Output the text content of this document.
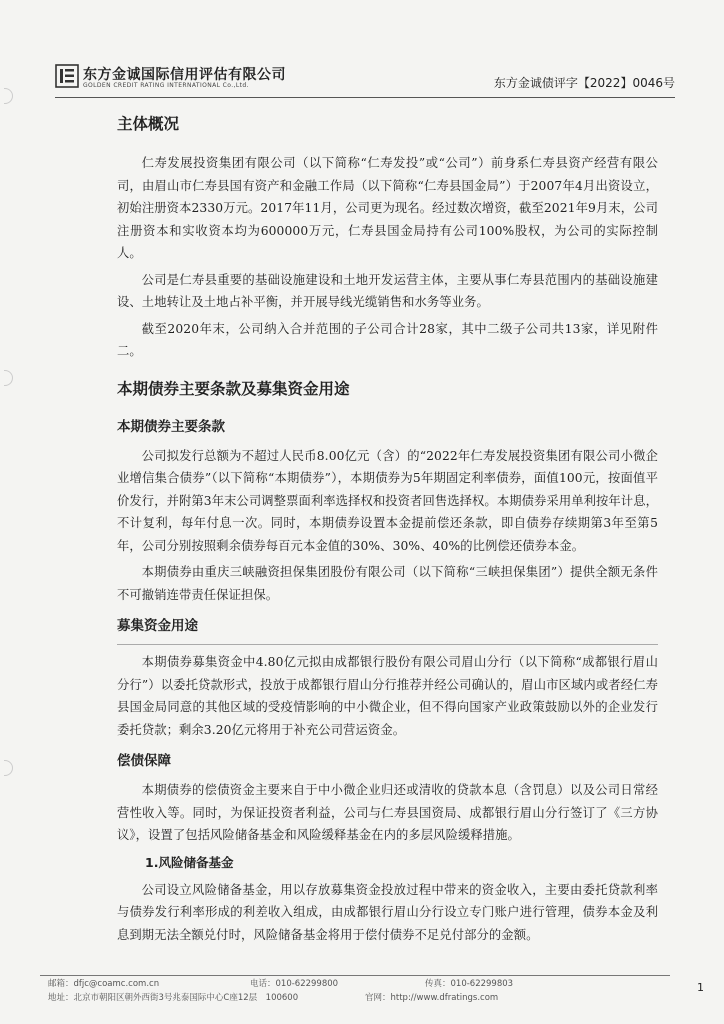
东方金诚国际信用评估有限公司
GOLDEN CREDIT RATING INTERNATIONAL Co.,Ltd.	东方金诚债评字【2022】0046号
主体概况

仁寿发展投资集团有限公司（以下简称“仁寿发投”或“公司”）前身系仁寿县资产经营有限公司，由眉山市仁寿县国有资产和金融工作局（以下简称“仁寿县国金局”）于2007年4月出资设立，初始注册资本2330万元。2017年11月，公司更为现名。经过数次增资，截至2021年9月末，公司注册资本和实收资本均为600000万元，仁寿县国金局持有公司100%股权，为公司的实际控制人。

公司是仁寿县重要的基础设施建设和土地开发运营主体，主要从事仁寿县范围内的基础设施建设、土地转让及土地占补平衡，并开展导线光缆销售和水务等业务。

截至2020年末，公司纳入合并范围的子公司合计28家，其中二级子公司共13家，详见附件二。

本期债券主要条款及募集资金用途
本期债券主要条款

公司拟发行总额为不超过人民币8.00亿元（含）的“2022年仁寿发展投资集团有限公司小微企业增信集合债券”（以下简称“本期债券”），本期债券为5年期固定利率债券，面值100元，按面值平价发行，并附第3年末公司调整票面利率选择权和投资者回售选择权。本期债券采用单利按年计息，不计复利，每年付息一次。同时，本期债券设置本金提前偿还条款，即自债券存续期第3年至第5年，公司分别按照剩余债券每百元本金值的30%、30%、40%的比例偿还债券本金。

本期债券由重庆三峡融资担保集团股份有限公司（以下简称“三峡担保集团”）提供全额无条件不可撤销连带责任保证担保。

募集资金用途

本期债券募集资金中4.80亿元拟由成都银行股份有限公司眉山分行（以下简称“成都银行眉山分行”）以委托贷款形式，投放于成都银行眉山分行推荐并经公司确认的，眉山市区域内或者经仁寿县国金局同意的其他区域的受疫情影响的中小微企业，但不得向国家产业政策鼓励以外的企业发行委托贷款；剩余3.20亿元将用于补充公司营运资金。

偿债保障

本期债券的偿债资金主要来自于中小微企业归还或清收的贷款本息（含罚息）以及公司日常经营性收入等。同时，为保证投资者利益，公司与仁寿县国资局、成都银行眉山分行签订了《三方协议》，设置了包括风险储备基金和风险缓释基金在内的多层风险缓释措施。

1.风险储备基金

公司设立风险储备基金，用以存放募集资金投放过程中带来的资金收入，主要由委托贷款利率与债券发行利率形成的利差收入组成，由成都银行眉山分行设立专门账户进行管理，债券本金及利息到期无法全额兑付时，风险储备基金将用于偿付债券不足兑付部分的金额。

邮箱：dfjc@coamc.com.cn	电话：010-62299800	传真：010-62299803
地址：北京市朝阳区朝外西街3号兆泰国际中心C座12层　100600	官网：http://www.dfratings.com
1
